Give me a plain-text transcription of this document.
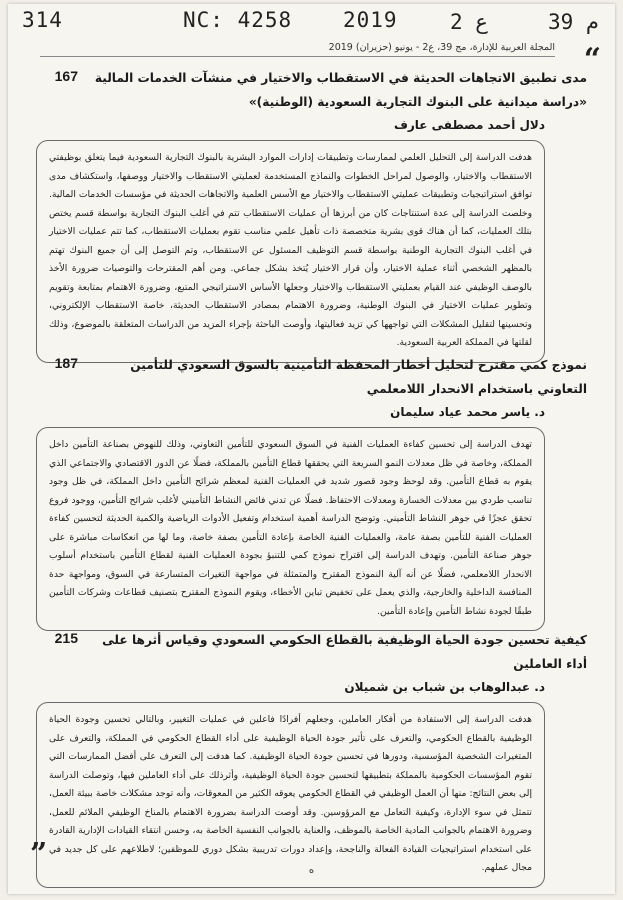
314	NC: 4258 2019 ع 2	م 39
المجلة العربية للإدارة، مج 39، ع2 - يونيو (حزيران) 2019 “
مدى تطبيق الاتجاهات الحديثة في الاستقطاب والاختيار في منشآت الخدمات المالية «دراسة ميدانية على البنوك التجارية السعودية (الوطنية)»
167
دلال أحمد مصطفى عارف
هدفت الدراسة إلى التحليل العلمي لممارسات وتطبيقات إدارات الموارد البشرية بالبنوك التجارية السعودية فيما يتعلق بوظيفتي الاستقطاب والاختيار، والوصول لمراحل الخطوات والنماذج المستخدمة لعمليتي الاستقطاب والاختيار ووصفها، واستكشاف مدى توافق استراتيجيات وتطبيقات عمليتي الاستقطاب والاختيار مع الأسس العلمية والاتجاهات الحديثة في مؤسسات الخدمات المالية. وخلصت الدراسة إلى عدة استنتاجات كان من أبرزها أن عمليات الاستقطاب تتم في أغلب البنوك التجارية بواسطة قسم يختص بتلك العمليات، كما أن هناك قوى بشرية متخصصة ذات تأهيل علمي مناسب تقوم بعمليات الاستقطاب، كما تتم عمليات الاختيار في أغلب البنوك التجارية الوطنية بواسطة قسم التوظيف المسئول عن الاستقطاب، وتم التوصل إلى أن جميع البنوك تهتم بالمظهر الشخصي أثناء عملية الاختيار، وأن قرار الاختيار يُتخذ بشكل جماعي. ومن أهم المقترحات والتوصيات ضرورة الأخذ بالوصف الوظيفي عند القيام بعمليتي الاستقطاب والاختيار وجعلها الأساس الاستراتيجي المتبع، وضرورة الاهتمام بمتابعة وتقويم وتطوير عمليات الاختيار في البنوك الوطنية، وضرورة الاهتمام بمصادر الاستقطاب الحديثة، خاصة الاستقطاب الإلكتروني، وتحسينها لتقليل المشكلات التي تواجهها كي تزيد فعاليتها، وأوصت الباحثة بإجراء المزيد من الدراسات المتعلقة بالموضوع، وذلك لقلتها في المملكة العربية السعودية.
نموذج كمي مقترح لتحليل أخطار المحفظة التأمينية بالسوق السعودي للتأمين التعاوني باستخدام الانحدار اللامعلمي
187
د. ياسر محمد عياد سليمان
تهدف الدراسة إلى تحسين كفاءة العمليات الفنية في السوق السعودي للتأمين التعاوني، وذلك للنهوض بصناعة التأمين داخل المملكة، وخاصة في ظل معدلات النمو السريعة التي يحققها قطاع التأمين بالمملكة، فضلًا عن الدور الاقتصادي والاجتماعي الذي يقوم به قطاع التأمين. وقد لوحظ وجود قصور شديد في العمليات الفنية لمعظم شرائح التأمين داخل المملكة، في ظل وجود تناسب طردي بين معدلات الخسارة ومعدلات الاحتفاظ. فضلًا عن تدني فائض النشاط التأميني لأغلب شرائح التأمين، ووجود فروع تحقق عجزًا في جوهر النشاط التأميني. وتوضح الدراسة أهمية استخدام وتفعيل الأدوات الرياضية والكمية الحديثة لتحسين كفاءة العمليات الفنية للتأمين بصفة عامة، والعمليات الفنية الخاصة بإعادة التأمين بصفة خاصة، وما لها من انعكاسات مباشرة على جوهر صناعة التأمين. وتهدف الدراسة إلى اقتراح نموذج كمي للتنبؤ بجودة العمليات الفنية لقطاع التأمين باستخدام أسلوب الانحدار اللامعلمي، فضلًا عن أنه آلية النموذج المقترح والمتمثلة في مواجهة التغيرات المتسارعة في السوق، ومواجهة حدة المنافسة الداخلية والخارجية، والذي يعمل على تخفيض تباين الأخطاء، ويقوم النموذج المقترح بتصنيف قطاعات وشركات التأمين طبقًا لجودة نشاط التأمين وإعادة التأمين.
كيفية تحسين جودة الحياة الوظيفية بالقطاع الحكومي السعودي وقياس أثرها على أداء العاملين
215
د. عبدالوهاب بن شباب بن شميلان
هدفت الدراسة إلى الاستفادة من أفكار العاملين، وجعلهم أفرادًا فاعلين في عمليات التغيير، وبالتالي تحسين وجودة الحياة الوظيفية بالقطاع الحكومي، والتعرف على تأثير جودة الحياة الوظيفية على أداء القطاع الحكومي في المملكة، والتعرف على المتغيرات الشخصية المؤسسية، ودورها في تحسين جودة الحياة الوظيفية. كما هدفت إلى التعرف على أفضل الممارسات التي تقوم المؤسسات الحكومية بالمملكة بتطبيقها لتحسين جودة الحياة الوظيفية، وأثرذلك على أداء العاملين فيها، وتوصلت الدراسة إلى بعض النتائج: منها أن العمل الوظيفي في القطاع الحكومي يعوقه الكثير من المعوقات، وأنه توجد مشكلات خاصة ببيئة العمل، تتمثل في سوء الإدارة، وكيفية التعامل مع المرؤوسين. وقد أوصت الدراسة بضرورة الاهتمام بالمناخ الوظيفي الملائم للعمل، وضرورة الاهتمام بالجوانب المادية الخاصة بالموظف، والعناية بالجوانب النفسية الخاصة به، وحسن انتقاء القيادات الإدارية القادرة على استخدام استراتيجيات القيادة الفعالة والناجحة، وإعداد دورات تدريبية بشكل دوري للموظفين؛ لاطلاعهم على كل جديد في مجال عملهم.
ه
”
